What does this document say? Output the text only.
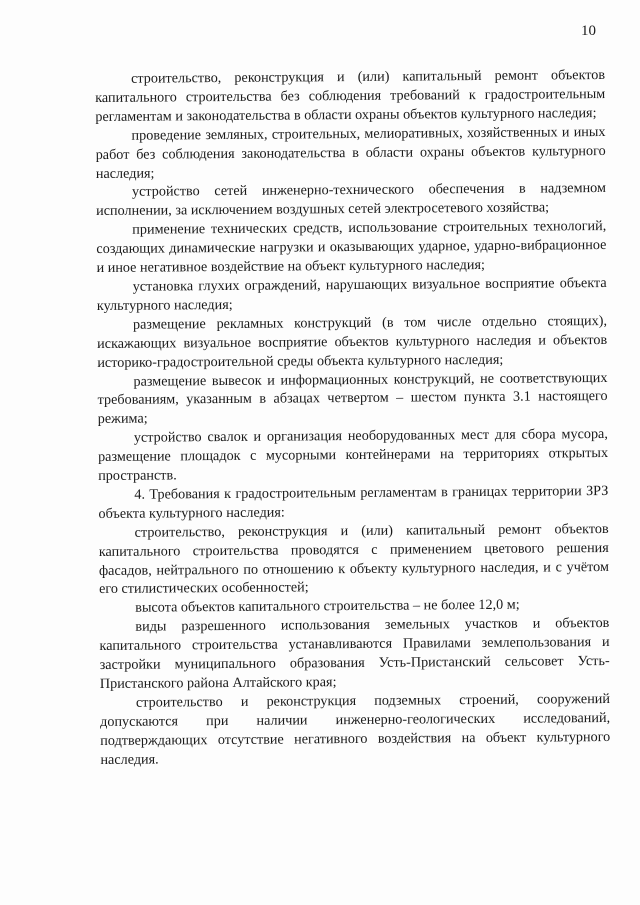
10

строительство, реконструкция и (или) капитальный ремонт объектов капитального строительства без соблюдения требований к градостроительным регламентам и законодательства в области охраны объектов культурного наследия;

проведение земляных, строительных, мелиоративных, хозяйственных и иных работ без соблюдения законодательства в области охраны объектов культурного наследия;

устройство сетей инженерно-технического обеспечения в надземном исполнении, за исключением воздушных сетей электросетевого хозяйства;

применение технических средств, использование строительных технологий, создающих динамические нагрузки и оказывающих ударное, ударно-вибрационное и иное негативное воздействие на объект культурного наследия;

установка глухих ограждений, нарушающих визуальное восприятие объекта культурного наследия;

размещение рекламных конструкций (в том числе отдельно стоящих), искажающих визуальное восприятие объектов культурного наследия и объектов историко-градостроительной среды объекта культурного наследия;

размещение вывесок и информационных конструкций, не соответствующих требованиям, указанным в абзацах четвертом – шестом пункта 3.1 настоящего режима;

устройство свалок и организация необорудованных мест для сбора мусора, размещение площадок с мусорными контейнерами на территориях открытых пространств.

4. Требования к градостроительным регламентам в границах территории ЗРЗ объекта культурного наследия:

строительство, реконструкция и (или) капитальный ремонт объектов капитального строительства проводятся с применением цветового решения фасадов, нейтрального по отношению к объекту культурного наследия, и с учётом его стилистических особенностей;

высота объектов капитального строительства – не более 12,0 м;

виды разрешенного использования земельных участков и объектов капитального строительства устанавливаются Правилами землепользования и застройки муниципального образования Усть-Пристанский сельсовет Усть-Пристанского района Алтайского края;

строительство и реконструкция подземных строений, сооружений допускаются при наличии инженерно-геологических исследований, подтверждающих отсутствие негативного воздействия на объект культурного наследия.
